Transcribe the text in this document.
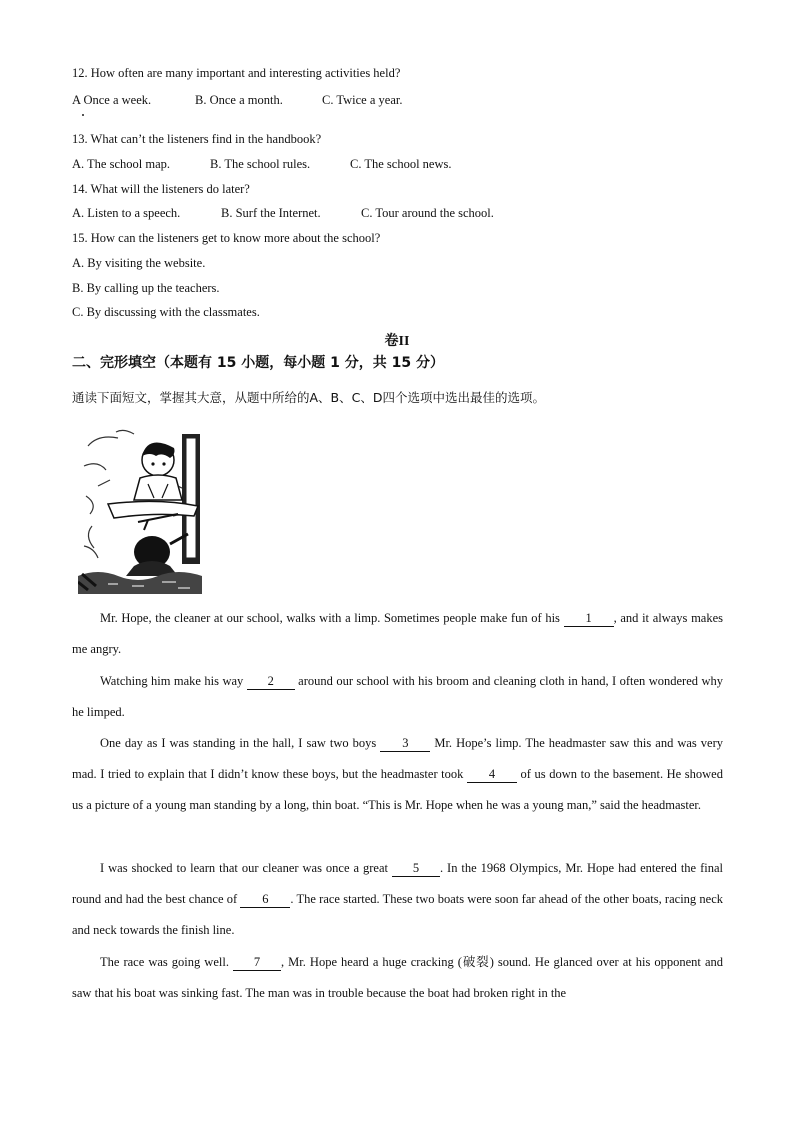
12. How often are many important and interesting activities held?
A Once a week.	B. Once a month.	C. Twice a year.
13. What can’t the listeners find in the handbook?
A. The school map.	B. The school rules.	C. The school news.
14. What will the listeners do later?
A. Listen to a speech.	B. Surf the Internet.	C. Tour around the school.
15. How can the listeners get to know more about the school?
A. By visiting the website.
B. By calling up the teachers.
C. By discussing with the classmates.
卷II
二、完形填空（本题有 15 小题，每小题 1 分，共 15 分）
通读下面短文，掌握其大意，从题中所给的A、B、C、D四个选项中选出最佳的选项。
Mr. Hope, the cleaner at our school, walks with a limp. Sometimes people make fun of his 1 , and it always makes me angry.
Watching him make his way 2 around our school with his broom and cleaning cloth in hand, I often wondered why he limped.
One day as I was standing in the hall, I saw two boys 3 Mr. Hope’s limp. The headmaster saw this and was very mad. I tried to explain that I didn’t know these boys, but the headmaster took 4 of us down to the basement. He showed us a picture of a young man standing by a long, thin boat. “This is Mr. Hope when he was a young man,” said the headmaster.
I was shocked to learn that our cleaner was once a great 5 . In the 1968 Olympics, Mr. Hope had entered the final round and had the best chance of 6 . The race started. These two boats were soon far ahead of the other boats, racing neck and neck towards the finish line.
The race was going well. 7 , Mr. Hope heard a huge cracking (破裂) sound. He glanced over at his opponent and saw that his boat was sinking fast. The man was in trouble because the boat had broken right in the
